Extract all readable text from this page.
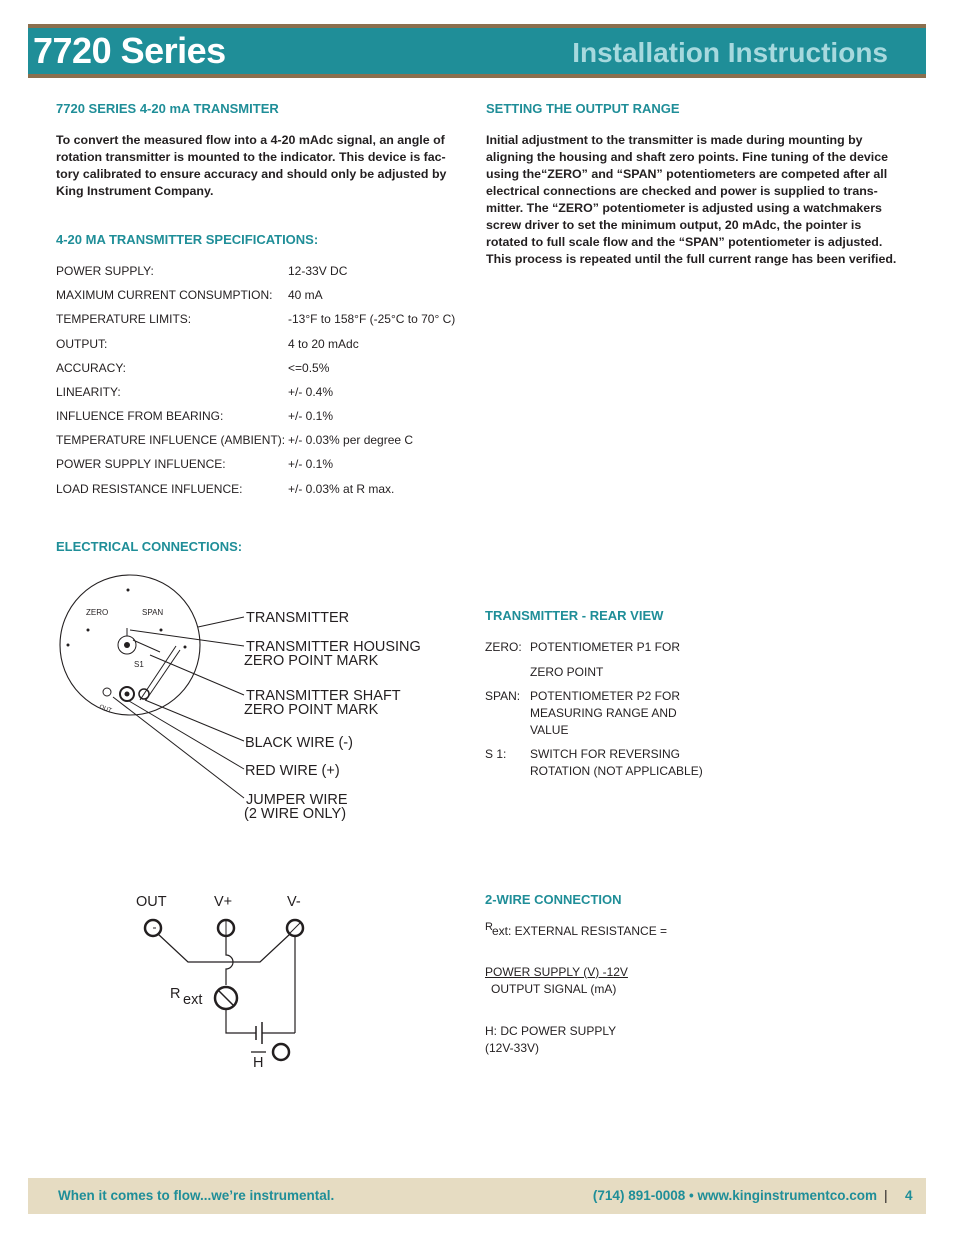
7720 Series	Installation Instructions
7720 SERIES 4-20 mA TRANSMITER
To convert the measured flow into a 4-20 mAdc signal, an angle of
rotation transmitter is mounted to the indicator. This device is fac-
tory calibrated to ensure accuracy and should only be adjusted by
King Instrument Company.
SETTING THE OUTPUT RANGE
Initial adjustment to the transmitter is made during mounting by
aligning the housing and shaft zero points. Fine tuning of the device
using the“ZERO” and “SPAN” potentiometers are competed after all
electrical connections are checked and power is supplied to trans-
mitter. The “ZERO” potentiometer is adjusted using a watchmakers
screw driver to set the minimum output, 20 mAdc, the pointer is
rotated to full scale flow and the “SPAN” potentiometer is adjusted.
This process is repeated until the full current range has been verified.
4-20 MA TRANSMITTER SPECIFICATIONS:
POWER SUPPLY:	12-33V DC
MAXIMUM CURRENT CONSUMPTION: 40 mA
TEMPERATURE LIMITS:	-13°F to 158°F (-25°C to 70° C)
OUTPUT:	4 to 20 mAdc
ACCURACY:	<=0.5%
LINEARITY:	+/- 0.4%
INFLUENCE FROM BEARING:	+/- 0.1%
TEMPERATURE INFLUENCE (AMBIENT): +/- 0.03% per degree C
POWER SUPPLY INFLUENCE:	+/- 0.1%
LOAD RESISTANCE INFLUENCE:	+/- 0.03% at R max.
ELECTRICAL CONNECTIONS:
ZERO	SPAN
S1
OUT
TRANSMITTER
TRANSMITTER HOUSING
ZERO POINT MARK
TRANSMITTER SHAFT
ZERO POINT MARK
BLACK WIRE (-)
RED WIRE (+)
JUMPER WIRE
(2 WIRE ONLY)
TRANSMITTER - REAR VIEW
ZERO: POTENTIOMETER P1 FOR
ZERO POINT
SPAN: POTENTIOMETER P2 FOR MEASURING RANGE AND VALUE
S 1: SWITCH FOR REVERSING ROTATION (NOT APPLICABLE)
OUT	V+	V-
R ext
H
2-WIRE CONNECTION
R ext: EXTERNAL RESISTANCE =
POWER SUPPLY (V) -12V
OUTPUT SIGNAL (mA)
H: DC POWER SUPPLY
(12V-33V)
When it comes to flow...we’re instrumental.	(714) 891-0008 • www.kinginstrumentco.com | 4
